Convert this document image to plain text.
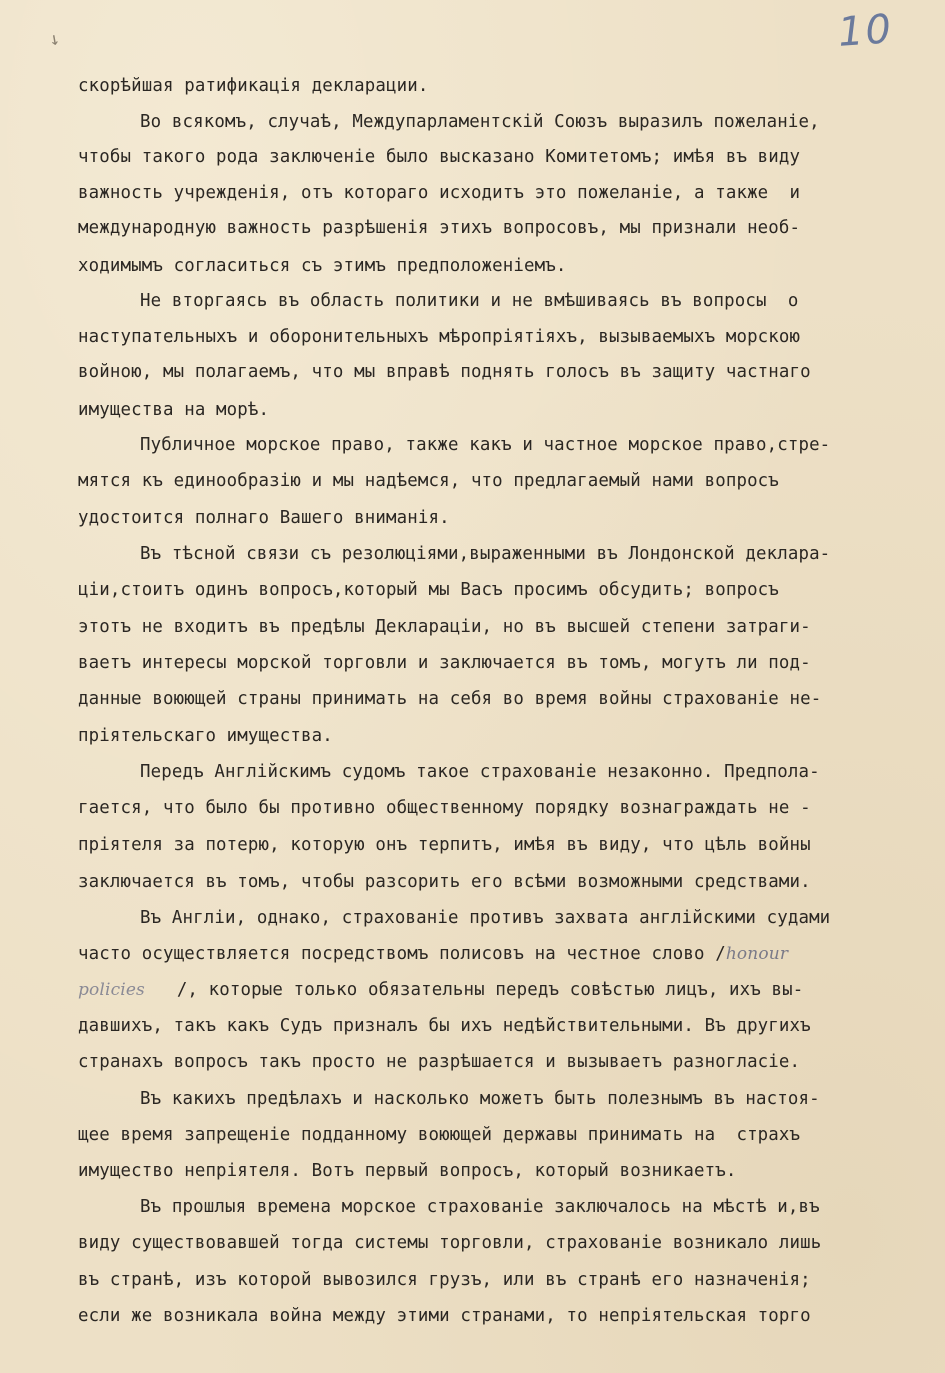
↘	10
скорѣйшая ратификація декларации.
Во всякомъ, случаѣ, Междупарламентскій Союзъ выразилъ пожеланіе,
чтобы такого рода заключеніе было высказано Комитетомъ; имѣя въ виду
важность учрежденія, отъ котораго исходитъ это пожеланіе, а также  и
международную важность разрѣшенія этихъ вопросовъ, мы признали необ-
ходимымъ согласиться съ этимъ предположеніемъ.
Не вторгаясь въ область политики и не вмѣшиваясь въ вопросы  о
наступательныхъ и оборонительныхъ мѣропріятіяхъ, вызываемыхъ морскою
войною, мы полагаемъ, что мы вправѣ поднять голосъ въ защиту частнаго
имущества на морѣ.
Публичное морское право, также какъ и частное морское право,стре-
мятся къ единообразію и мы надѣемся, что предлагаемый нами вопросъ
удостоится полнаго Вашего вниманія.
Въ тѣсной связи съ резолюціями,выраженными въ Лондонской деклара-
ціи,стоитъ одинъ вопросъ,который мы Васъ просимъ обсудить; вопросъ
этотъ не входитъ въ предѣлы Деклараціи, но въ высшей степени затраги-
ваетъ интересы морской торговли и заключается въ томъ, могутъ ли под-
данные воюющей страны принимать на себя во время войны страхованіе не-
пріятельскаго имущества.
Передъ Англійскимъ судомъ такое страхованіе незаконно. Предпола-
гается, что было бы противно общественному порядку вознаграждать не -
пріятеля за потерю, которую онъ терпитъ, имѣя въ виду, что цѣль войны
заключается въ томъ, чтобы разсорить его всѣми возможными средствами.
Въ Англіи, однако, страхованіе противъ захвата англійскими судами
часто осуществляется посредствомъ полисовъ на честное слово /honour
policies /, которые только обязательны передъ совѣстью лицъ, ихъ вы-
давшихъ, такъ какъ Судъ призналъ бы ихъ недѣйствительными. Въ другихъ
странахъ вопросъ такъ просто не разрѣшается и вызываетъ разногласіе.
Въ какихъ предѣлахъ и насколько можетъ быть полезнымъ въ настоя-
щее время запрещеніе подданному воюющей державы принимать на  страхъ
имущество непріятеля. Вотъ первый вопросъ, который возникаетъ.
Въ прошлыя времена морское страхованіе заключалось на мѣстѣ и,въ
виду существовавшей тогда системы торговли, страхованіе возникало лишь
въ странѣ, изъ которой вывозился грузъ, или въ странѣ его назначенія;
если же возникала война между этими странами, то непріятельская торго
